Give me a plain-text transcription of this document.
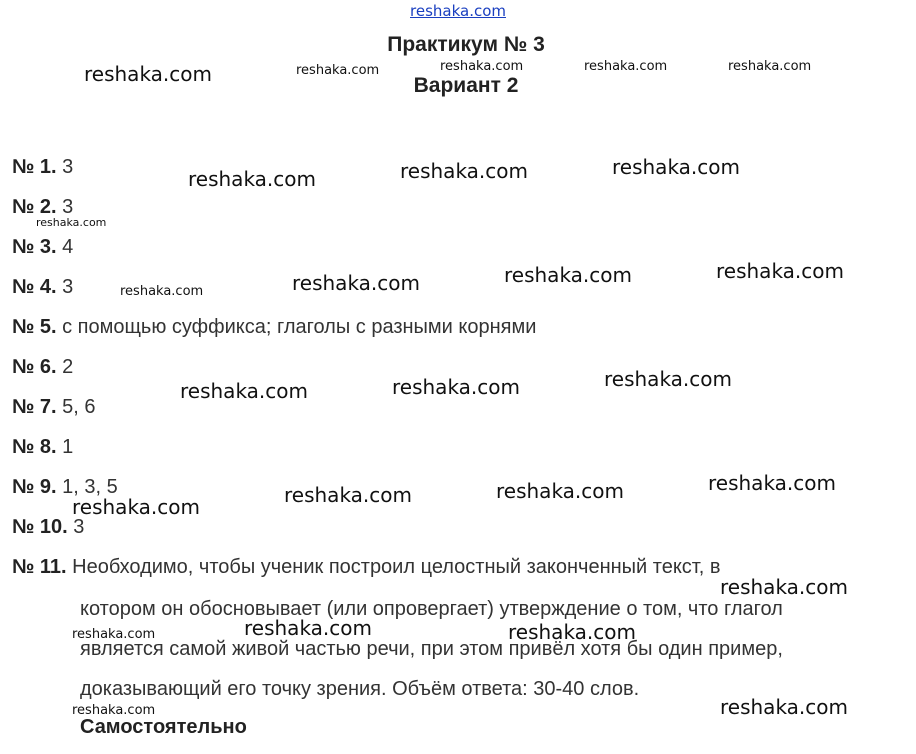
reshaka.com
Практикум № 3
Вариант 2
№ 1. 3
№ 2. 3
№ 3. 4
№ 4. 3
№ 5. с помощью суффикса; глаголы с разными корнями
№ 6. 2
№ 7. 5, 6
№ 8. 1
№ 9. 1, 3, 5
№ 10. 3
№ 11. Необходимо, чтобы ученик построил целостный законченный текст, в
котором он обосновывает (или опровергает) утверждение о том, что глагол
является самой живой частью речи, при этом привёл хотя бы один пример,
доказывающий его точку зрения. Объём ответа: 30-40 слов.
Самостоятельно
reshaka.com	reshaka.com	reshaka.com	reshaka.com	reshaka.com
reshaka.com	reshaka.com	reshaka.com
reshaka.com
reshaka.com	reshaka.com	reshaka.com
reshaka.com
reshaka.com	reshaka.com	reshaka.com
reshaka.com	reshaka.com	reshaka.com
reshaka.com
reshaka.com
reshaka.com	reshaka.com
reshaka.com
reshaka.com	reshaka.com
